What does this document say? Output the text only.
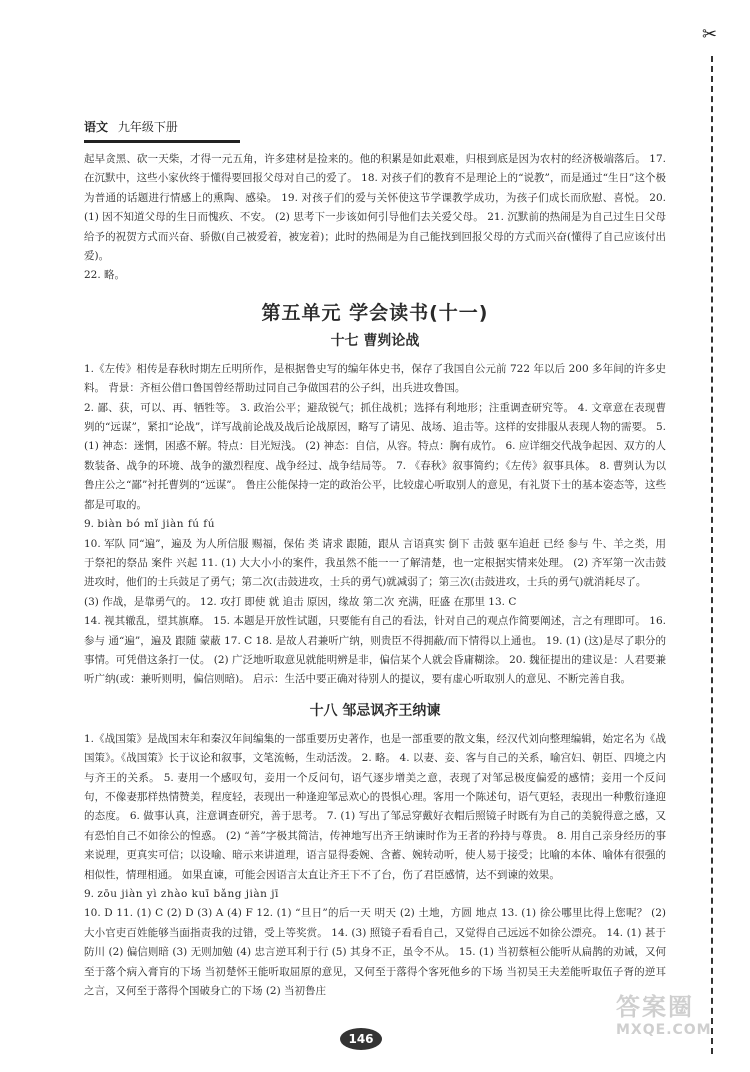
✂
语文 九年级下册

起早贪黑、砍一天柴，才得一元五角，许多建材是捡来的。他的积累是如此艰难，归根到底是因为农村的经济极端落后。 17. 在沉默中，这些小家伙终于懂得要回报父母对自己的爱了。 18. 对孩子们的教育不是理论上的“说教”，而是通过“生日”这个极为普通的话题进行情感上的熏陶、感染。 19. 对孩子们的爱与关怀使这节学课教学成功，为孩子们成长而欣慰、喜悦。 20. (1) 因不知道父母的生日而愧疚、不安。 (2) 思考下一步该如何引导他们去关爱父母。 21. 沉默前的热闹是为自己过生日父母给予的祝贺方式而兴奋、骄傲(自己被爱着，被宠着)；此时的热闹是为自己能找到回报父母的方式而兴奋(懂得了自己应该付出爱)。

22. 略。

第五单元 学会读书(十一)
十七 曹刿论战

1.《左传》相传是春秋时期左丘明所作，是根据鲁史写的编年体史书，保存了我国自公元前 722 年以后 200 多年间的许多史料。 背景：齐桓公借口鲁国曾经帮助过同自己争做国君的公子纠，出兵进攻鲁国。

2. 鄙、获，可以、再、牺牲等。 3. 政治公平；避敌锐气；抓住战机；选择有利地形；注重调查研究等。 4. 文章意在表现曹刿的“远谋”，紧扣“论战”，详写战前论战及战后论战原因，略写了请见、战场、追击等。这样的安排服从表现人物的需要。 5. (1) 神态：迷惘，困惑不解。特点：目光短浅。 (2) 神态：自信，从容。特点：胸有成竹。 6. 应详细交代战争起因、双方的人数装备、战争的环境、战争的激烈程度、战争经过、战争结局等。 7. 《春秋》叙事简约；《左传》叙事具体。 8. 曹刿认为以鲁庄公之“鄙”衬托曹刿的“远谋”。 鲁庄公能保持一定的政治公平，比较虚心听取别人的意见，有礼贤下士的基本姿态等，这些都是可取的。

9. biàn bó mǐ jiàn fú fú

10. 军队 同“遍”，遍及 为人所信服 赐福，保佑 类 请求 跟随，跟从 言语真实 倒下 击鼓 驱车追赶 已经 参与 牛、羊之类，用于祭祀的祭品 案件 兴起 11. (1) 大大小小的案件，我虽然不能一一了解清楚，也一定根据实情来处理。 (2) 齐军第一次击鼓进攻时，他们的士兵鼓足了勇气；第二次(击鼓进攻，士兵的勇气)就减弱了；第三次(击鼓进攻，士兵的勇气)就消耗尽了。

(3) 作战，是靠勇气的。 12. 攻打 即使 就 追击 原因，缘故 第二次 充满，旺盛 在那里 13. C

14. 视其辙乱，望其旗靡。 15. 本题是开放性试题，只要能有自己的看法，针对自己的观点作简要阐述，言之有理即可。 16. 参与 通“遍”，遍及 跟随 蒙蔽 17. C 18. 是故人君兼听广纳，则贵臣不得拥蔽/而下情得以上通也。 19. (1) (这)是尽了职分的事情。可凭借这条打一仗。 (2) 广泛地听取意见就能明辨是非，偏信某个人就会昏庸糊涂。 20. 魏征提出的建议是：人君要兼听广纳(或：兼听则明，偏信则暗)。 启示：生活中要正确对待别人的提议，要有虚心听取别人的意见、不断完善自我。

十八 邹忌讽齐王纳谏

1.《战国策》是战国末年和秦汉年间编集的一部重要历史著作，也是一部重要的散文集，经汉代刘向整理编辑，始定名为《战国策》。《战国策》长于议论和叙事，文笔流畅，生动活泼。 2. 略。 4. 以妻、妾、客与自己的关系，喻宫妇、朝臣、四境之内与齐王的关系。 5. 妻用一个感叹句，妾用一个反问句，语气逐步增美之意，表现了对邹忌极度偏爱的感情；妾用一个反问句，不像妻那样热情赞美，程度轻，表现出一种逢迎邹忌欢心的畏惧心理。客用一个陈述句，语气更轻，表现出一种敷衍逢迎的态度。 6. 做事认真，注意调查研究，善于思考。 7. (1) 写出了邹忌穿戴好衣帽后照镜子时既有为自己的美貌得意之感，又有恐怕自己不如徐公的惶惑。 (2) “善”字极其简洁，传神地写出齐王纳谏时作为王者的矜持与尊贵。 8. 用自己亲身经历的事来说理，更真实可信；以设喻、暗示来讲道理，语言显得委婉、含蓄、婉转动听，使人易于接受；比喻的本体、喻体有很强的相似性，情理相通。 如果直谏，可能会因语言太直让齐王下不了台，伤了君臣感情，达不到谏的效果。

9. zōu jiàn yì zhào kuī bǎng jiàn jī

10. D 11. (1) C (2) D (3) A (4) F 12. (1) “旦日”的后一天 明天 (2) 土地，方圆 地点 13. (1) 徐公哪里比得上您呢？ (2) 大小官吏百姓能够当面指责我的过错，受上等奖赏。 14. (3) 照镜子看看自己，又觉得自己远远不如徐公漂亮。 14. (1) 甚于防川 (2) 偏信则暗 (3) 无则加勉 (4) 忠言逆耳利于行 (5) 其身不正，虽令不从。 15. (1) 当初蔡桓公能听从扁鹊的劝诫，又何至于落个病入膏肓的下场 当初楚怀王能听取屈原的意见，又何至于落得个客死他乡的下场 当初吴王夫差能听取伍子胥的逆耳之言，又何至于落得个国破身亡的下场 (2) 当初鲁庄

146
答案圈
MXQE.COM
